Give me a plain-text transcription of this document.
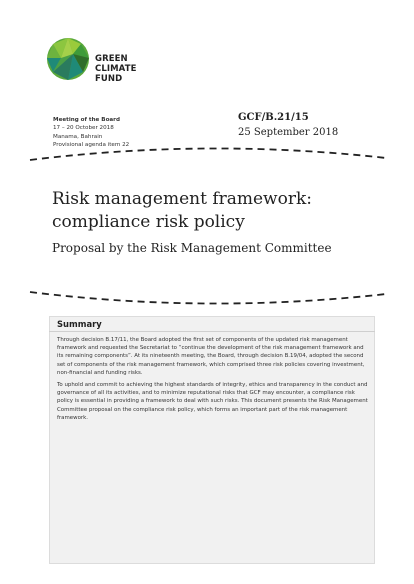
GREEN
CLIMATE
FUND
Meeting of the Board
17 – 20 October 2018
Manama, Bahrain
Provisional agenda item 22
GCF/B.21/15
25 September 2018
Risk management framework:
compliance risk policy
Proposal by the Risk Management Committee
Summary

Through decision B.17/11, the Board adopted the first set of components of the updated risk management framework and requested the Secretariat to “continue the development of the risk management framework and its remaining components”. At its nineteenth meeting, the Board, through decision B.19/04, adopted the second set of components of the risk management framework, which comprised three risk policies covering investment, non-financial and funding risks.

To uphold and commit to achieving the highest standards of integrity, ethics and transparency in the conduct and governance of all its activities, and to minimize reputational risks that GCF may encounter, a compliance risk policy is essential in providing a framework to deal with such risks. This document presents the Risk Management Committee proposal on the compliance risk policy, which forms an important part of the risk management framework.
